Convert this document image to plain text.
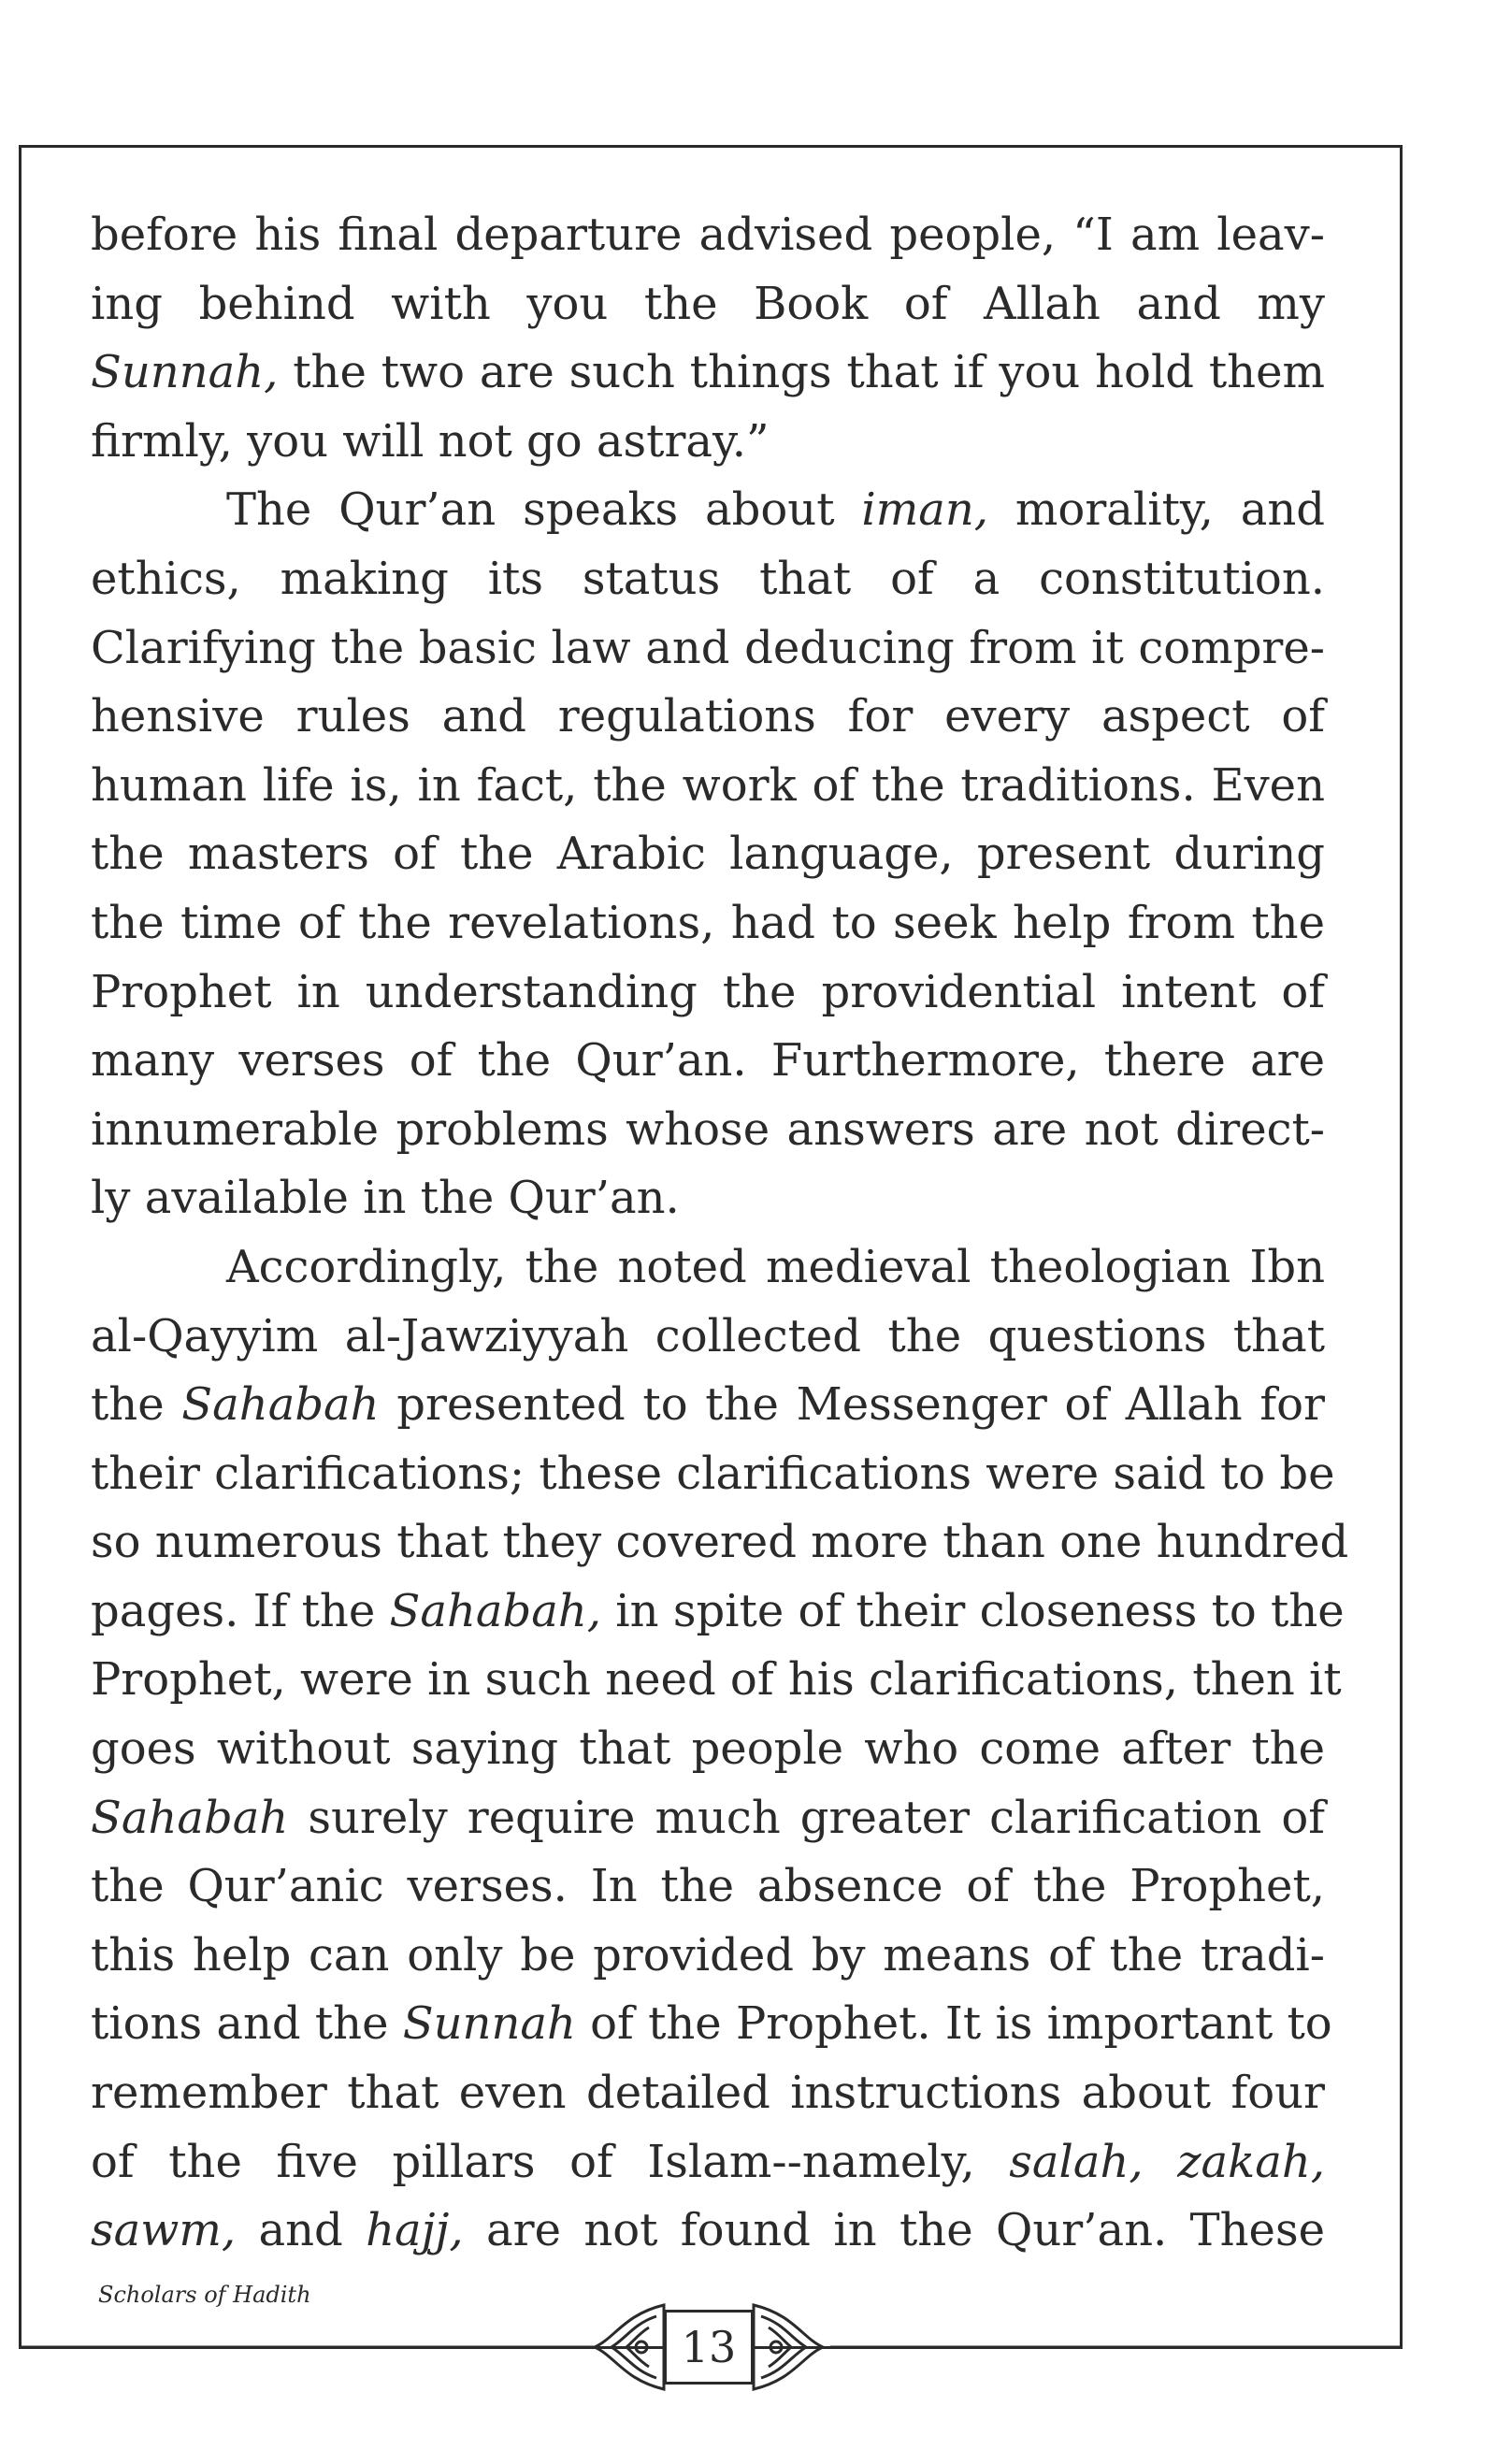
before his final departure advised people, “I am leav-
ing behind with you the Book of Allah and my
Sunnah, the two are such things that if you hold them
firmly, you will not go astray.”
The Qur’an speaks about iman, morality, and
ethics, making its status that of a constitution.
Clarifying the basic law and deducing from it compre-
hensive rules and regulations for every aspect of
human life is, in fact, the work of the traditions. Even
the masters of the Arabic language, present during
the time of the revelations, had to seek help from the
Prophet in understanding the providential intent of
many verses of the Qur’an. Furthermore, there are
innumerable problems whose answers are not direct-
ly available in the Qur’an.
Accordingly, the noted medieval theologian Ibn
al-Qayyim al-Jawziyyah collected the questions that
the Sahabah presented to the Messenger of Allah for
their clarifications; these clarifications were said to be
so numerous that they covered more than one hundred
pages. If the Sahabah, in spite of their closeness to the
Prophet, were in such need of his clarifications, then it
goes without saying that people who come after the
Sahabah surely require much greater clarification of
the Qur’anic verses. In the absence of the Prophet,
this help can only be provided by means of the tradi-
tions and the Sunnah of the Prophet. It is important to
remember that even detailed instructions about four
of the five pillars of Islam--namely, salah, zakah,
sawm, and hajj, are not found in the Qur’an. These
Scholars of Hadith
13
